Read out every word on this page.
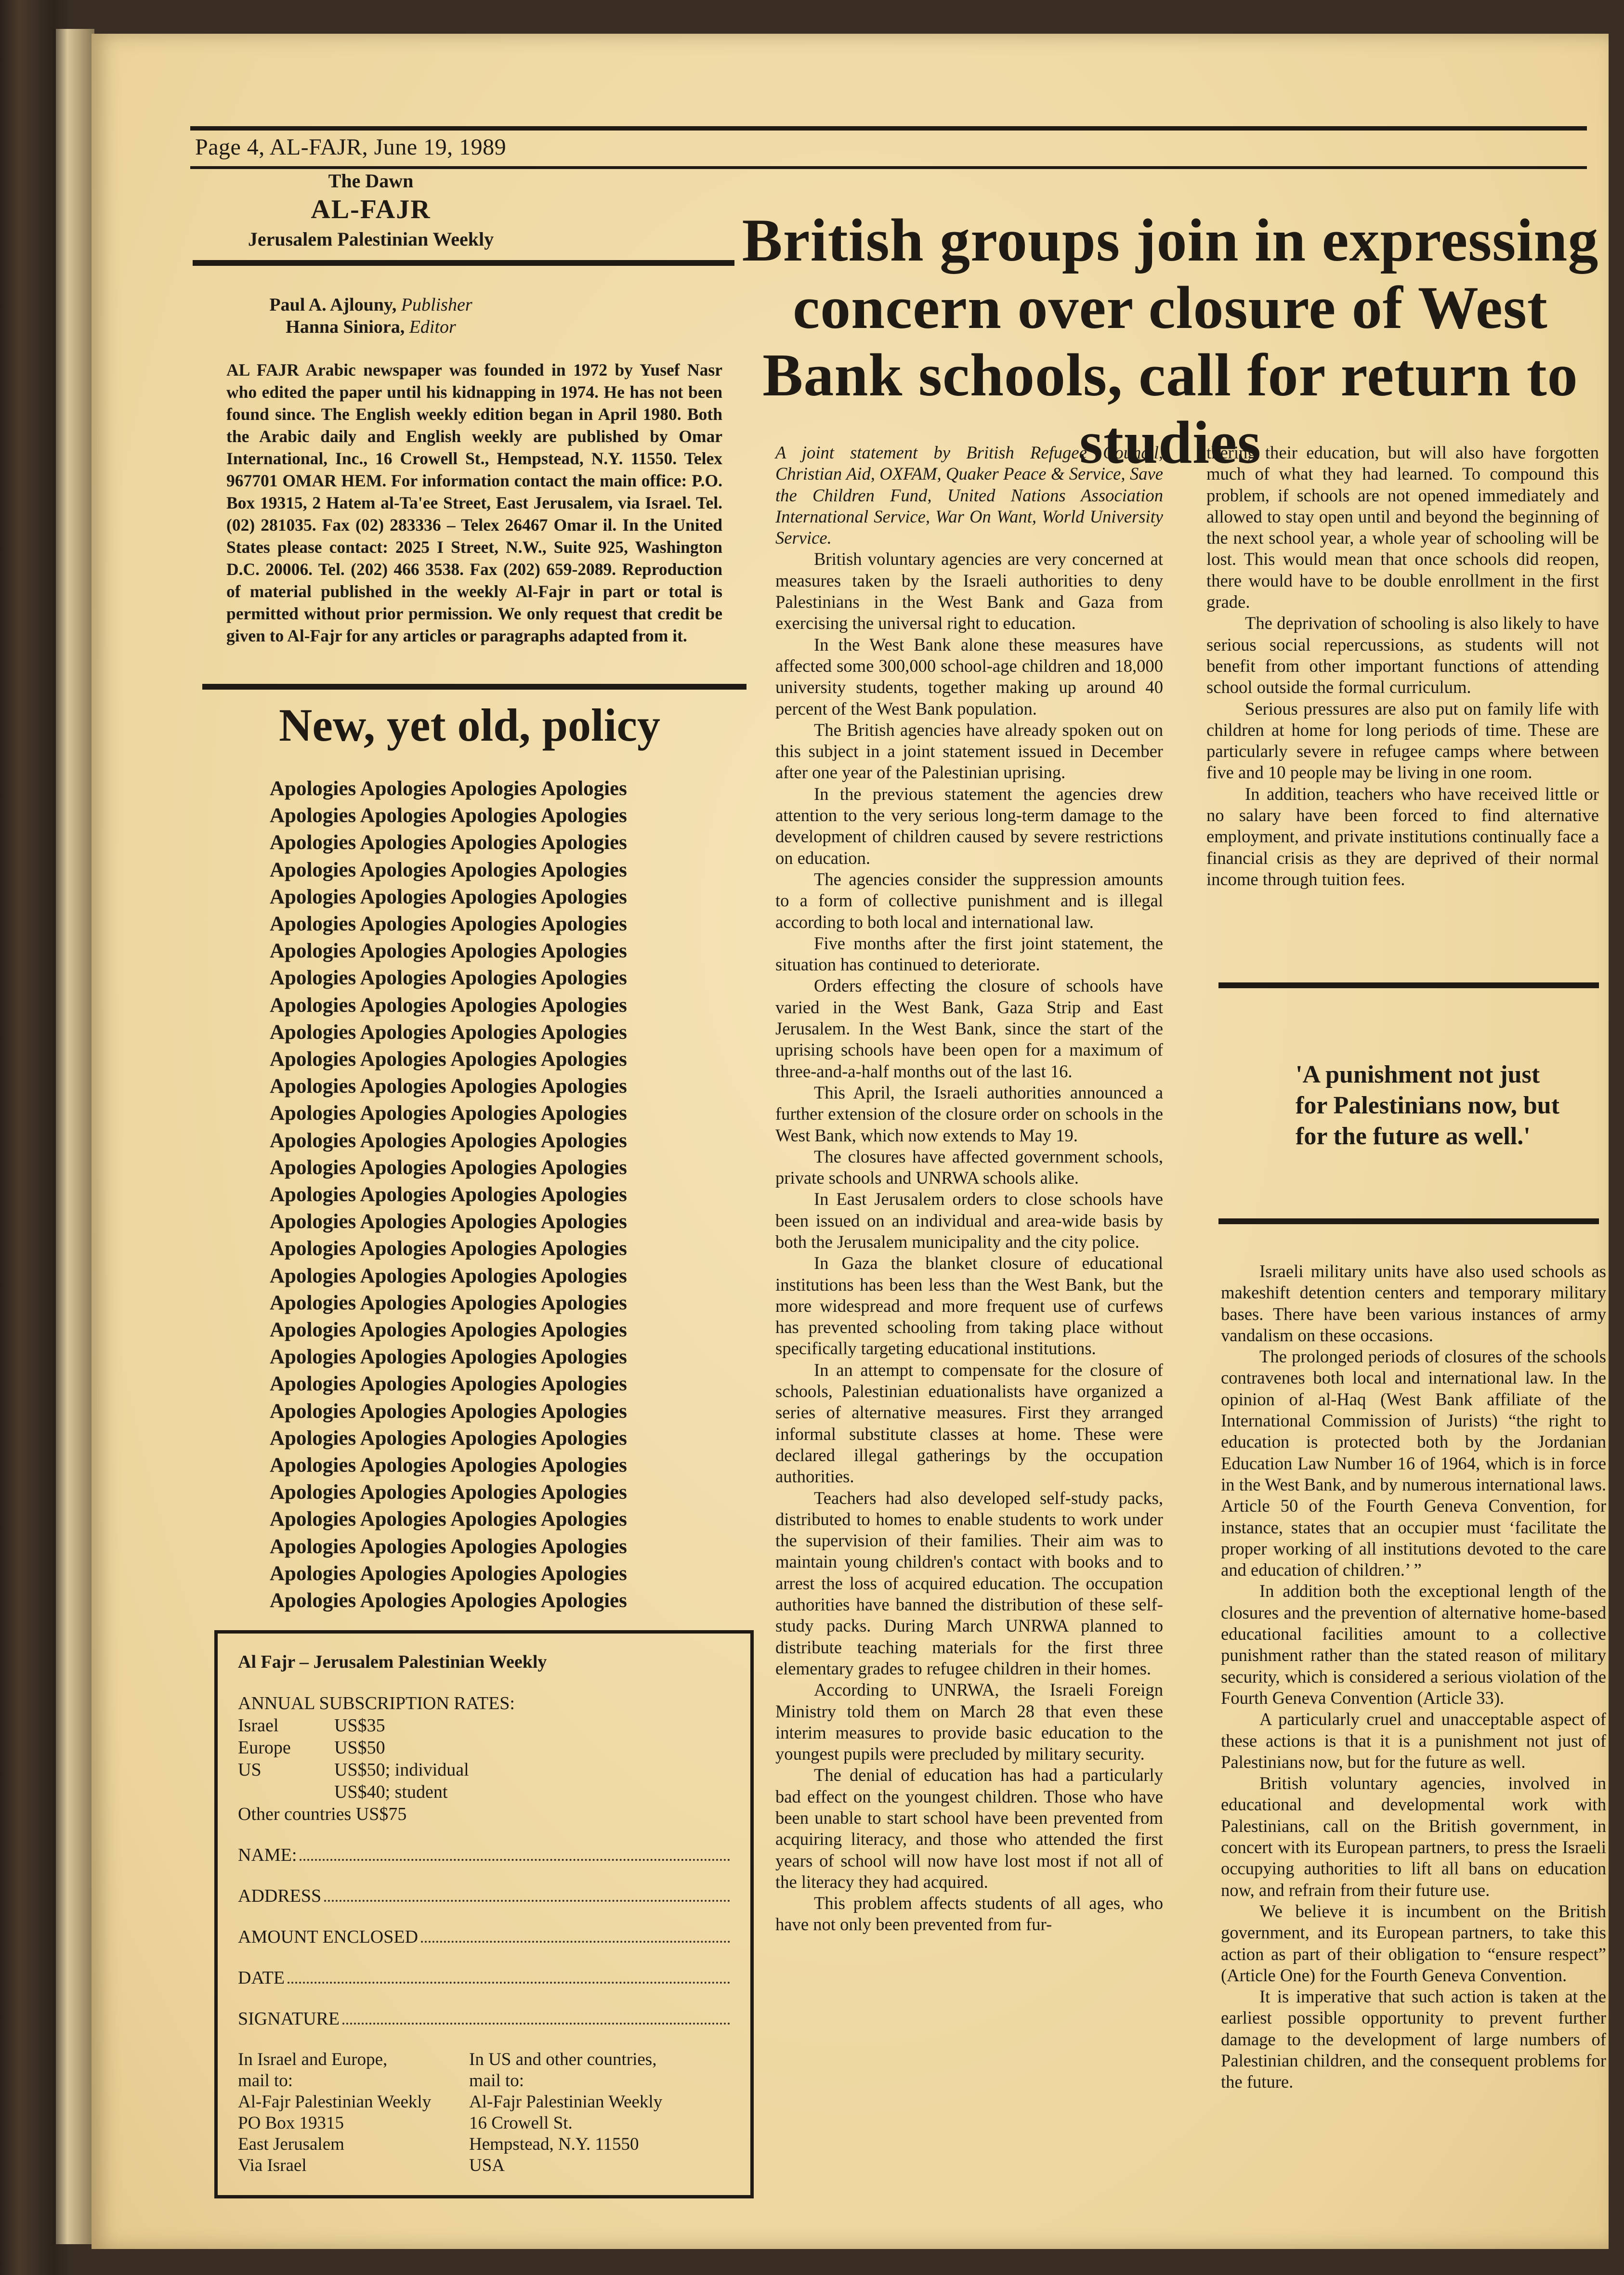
Page 4, AL-FAJR, June 19, 1989
The Dawn
AL-FAJR
Jerusalem Palestinian Weekly
Paul A. Ajlouny, Publisher
Hanna Siniora, Editor
AL FAJR Arabic newspaper was founded in 1972 by Yusef Nasr who edited the paper until his kidnapping in 1974. He has not been found since. The English weekly edition began in April 1980. Both the Arabic daily and English weekly are published by Omar International, Inc., 16 Crowell St., Hempstead, N.Y. 11550. Telex 967701 OMAR HEM. For information contact the main office: P.O. Box 19315, 2 Hatem al-Ta'ee Street, East Jerusalem, via Israel. Tel. (02) 281035. Fax (02) 283336 – Telex 26467 Omar il. In the United States please contact: 2025 I Street, N.W., Suite 925, Washington D.C. 20006. Tel. (202) 466 3538. Fax (202) 659-2089. Reproduction of material published in the weekly Al-Fajr in part or total is permitted without prior permission. We only request that credit be given to Al-Fajr for any articles or paragraphs adapted from it.
New, yet old, policy
Apologies Apologies Apologies Apologies
Apologies Apologies Apologies Apologies
Apologies Apologies Apologies Apologies
Apologies Apologies Apologies Apologies
Apologies Apologies Apologies Apologies
Apologies Apologies Apologies Apologies
Apologies Apologies Apologies Apologies
Apologies Apologies Apologies Apologies
Apologies Apologies Apologies Apologies
Apologies Apologies Apologies Apologies
Apologies Apologies Apologies Apologies
Apologies Apologies Apologies Apologies
Apologies Apologies Apologies Apologies
Apologies Apologies Apologies Apologies
Apologies Apologies Apologies Apologies
Apologies Apologies Apologies Apologies
Apologies Apologies Apologies Apologies
Apologies Apologies Apologies Apologies
Apologies Apologies Apologies Apologies
Apologies Apologies Apologies Apologies
Apologies Apologies Apologies Apologies
Apologies Apologies Apologies Apologies
Apologies Apologies Apologies Apologies
Apologies Apologies Apologies Apologies
Apologies Apologies Apologies Apologies
Apologies Apologies Apologies Apologies
Apologies Apologies Apologies Apologies
Apologies Apologies Apologies Apologies
Apologies Apologies Apologies Apologies
Apologies Apologies Apologies Apologies
Apologies Apologies Apologies Apologies
Al Fajr – Jerusalem Palestinian Weekly
ANNUAL SUBSCRIPTION RATES:
Israel	US$35
Europe	US$50
US	US$50; individual
US$40; student
Other countries US$75
NAME:
ADDRESS
AMOUNT ENCLOSED
DATE
SIGNATURE
In Israel and Europe,
mail to:
Al-Fajr Palestinian Weekly
PO Box 19315
East Jerusalem
Via Israel
In US and other countries,
mail to:
Al-Fajr Palestinian Weekly
16 Crowell St.
Hempstead, N.Y. 11550
USA
British groups join in expressing concern over closure of West Bank schools, call for return to studies

A joint statement by British Refugee Council, Christian Aid, OXFAM, Quaker Peace & Service, Save the Children Fund, United Nations Association International Service, War On Want, World University Service.

British voluntary agencies are very concerned at measures taken by the Israeli authorities to deny Palestinians in the West Bank and Gaza from exercising the universal right to education.

In the West Bank alone these measures have affected some 300,000 school-age children and 18,000 university students, together making up around 40 percent of the West Bank population.

The British agencies have already spoken out on this subject in a joint statement issued in December after one year of the Palestinian uprising.

In the previous statement the agencies drew attention to the very serious long-term damage to the development of children caused by severe restrictions on education.

The agencies consider the suppression amounts to a form of collective punishment and is illegal according to both local and international law.

Five months after the first joint statement, the situation has continued to deteriorate.

Orders effecting the closure of schools have varied in the West Bank, Gaza Strip and East Jerusalem. In the West Bank, since the start of the uprising schools have been open for a maximum of three-and-a-half months out of the last 16.

This April, the Israeli authorities announced a further extension of the closure order on schools in the West Bank, which now extends to May 19.

The closures have affected government schools, private schools and UNRWA schools alike.

In East Jerusalem orders to close schools have been issued on an individual and area-wide basis by both the Jerusalem municipality and the city police.

In Gaza the blanket closure of educational institutions has been less than the West Bank, but the more widespread and more frequent use of curfews has prevented schooling from taking place without specifically targeting educational institutions.

In an attempt to compensate for the closure of schools, Palestinian eduationalists have organized a series of alternative measures. First they arranged informal substitute classes at home. These were declared illegal gatherings by the occupation authorities.

Teachers had also developed self-study packs, distributed to homes to enable students to work under the supervision of their families. Their aim was to maintain young children's contact with books and to arrest the loss of acquired education. The occupation authorities have banned the distribution of these self-study packs. During March UNRWA planned to distribute teaching materials for the first three elementary grades to refugee children in their homes.

According to UNRWA, the Israeli Foreign Ministry told them on March 28 that even these interim measures to provide basic education to the youngest pupils were precluded by military security.

The denial of education has had a particularly bad effect on the youngest children. Those who have been unable to start school have been prevented from acquiring literacy, and those who attended the first years of school will now have lost most if not all of the literacy they had acquired.

This problem affects students of all ages, who have not only been prevented from fur-

thering their education, but will also have forgotten much of what they had learned. To compound this problem, if schools are not opened immediately and allowed to stay open until and beyond the beginning of the next school year, a whole year of schooling will be lost. This would mean that once schools did reopen, there would have to be double enrollment in the first grade.

The deprivation of schooling is also likely to have serious social repercussions, as students will not benefit from other important functions of attending school outside the formal curriculum.

Serious pressures are also put on family life with children at home for long periods of time. These are particularly severe in refugee camps where between five and 10 people may be living in one room.

In addition, teachers who have received little or no salary have been forced to find alternative employment, and private institutions continually face a financial crisis as they are deprived of their normal income through tuition fees.

'A punishment not just for Palestinians now, but for the future as well.'

Israeli military units have also used schools as makeshift detention centers and temporary military bases. There have been various instances of army vandalism on these occasions.

The prolonged periods of closures of the schools contravenes both local and international law. In the opinion of al-Haq (West Bank affiliate of the International Commission of Jurists) “the right to education is protected both by the Jordanian Education Law Number 16 of 1964, which is in force in the West Bank, and by numerous international laws. Article 50 of the Fourth Geneva Convention, for instance, states that an occupier must ‘facilitate the proper working of all institutions devoted to the care and education of children.’ ”

In addition both the exceptional length of the closures and the prevention of alternative home-based educational facilities amount to a collective punishment rather than the stated reason of military security, which is considered a serious violation of the Fourth Geneva Convention (Article 33).

A particularly cruel and unacceptable aspect of these actions is that it is a punishment not just of Palestinians now, but for the future as well.

British voluntary agencies, involved in educational and developmental work with Palestinians, call on the British government, in concert with its European partners, to press the Israeli occupying authorities to lift all bans on education now, and refrain from their future use.

We believe it is incumbent on the British government, and its European partners, to take this action as part of their obligation to “ensure respect” (Article One) for the Fourth Geneva Convention.

It is imperative that such action is taken at the earliest possible opportunity to prevent further damage to the development of large numbers of Palestinian children, and the consequent problems for the future.
